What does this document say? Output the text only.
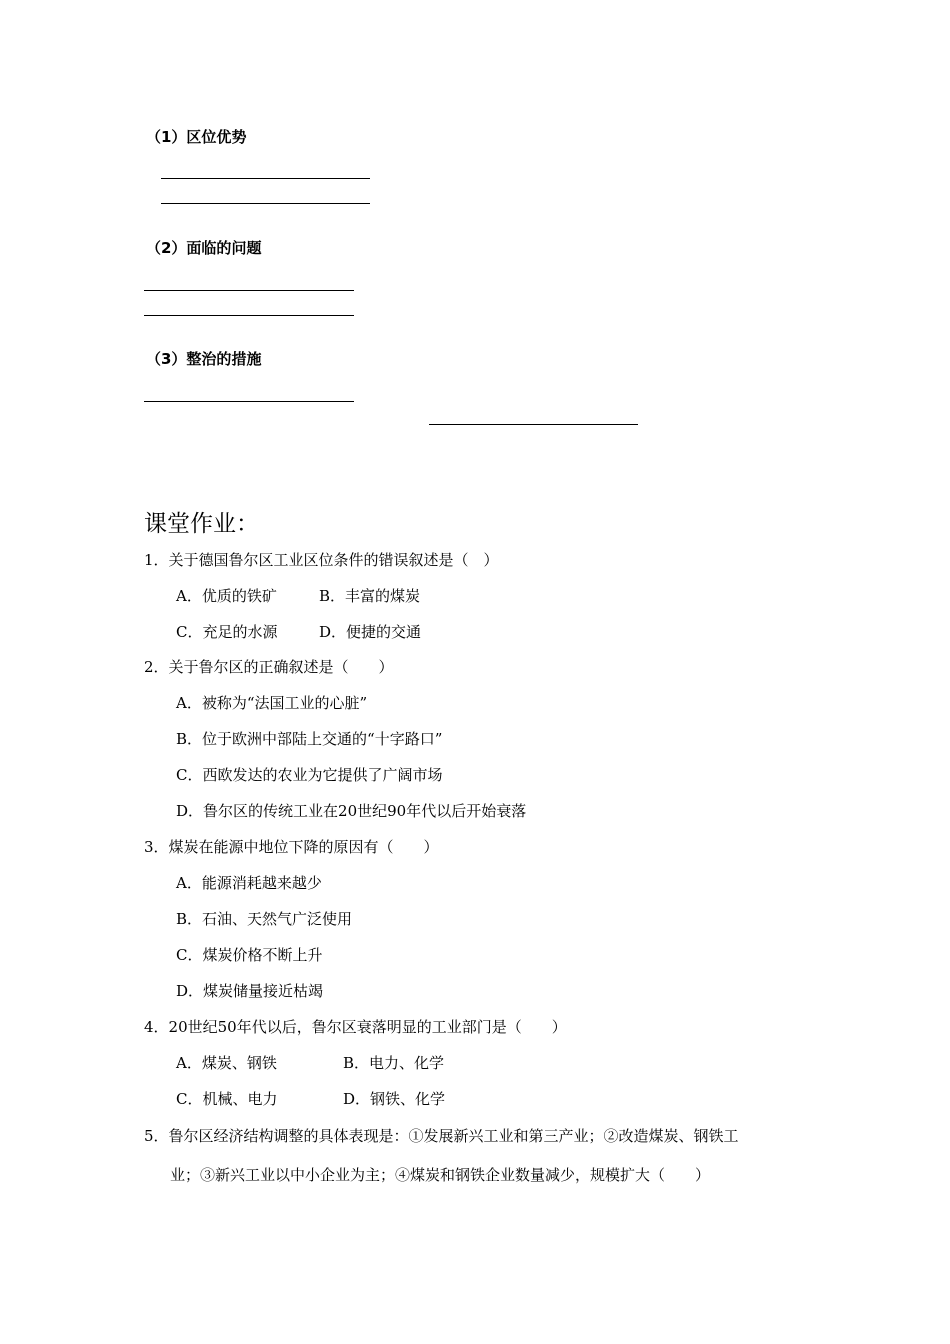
（1）区位优势
（2）面临的问题
（3）整治的措施
课堂作业：
1．关于德国鲁尔区工业区位条件的错误叙述是（　）
A．优质的铁矿	B．丰富的煤炭
C．充足的水源	D．便捷的交通
2．关于鲁尔区的正确叙述是（　　）
A．被称为“法国工业的心脏”
B．位于欧洲中部陆上交通的“十字路口”
C．西欧发达的农业为它提供了广阔市场
D．鲁尔区的传统工业在20世纪90年代以后开始衰落
3．煤炭在能源中地位下降的原因有（　　）
A．能源消耗越来越少
B．石油、天然气广泛使用
C．煤炭价格不断上升
D．煤炭储量接近枯竭
4．20世纪50年代以后，鲁尔区衰落明显的工业部门是（　　）
A．煤炭、钢铁	B．电力、化学
C．机械、电力	D．钢铁、化学
5．鲁尔区经济结构调整的具体表现是：①发展新兴工业和第三产业；②改造煤炭、钢铁工
业；③新兴工业以中小企业为主；④煤炭和钢铁企业数量减少，规模扩大（　　）
